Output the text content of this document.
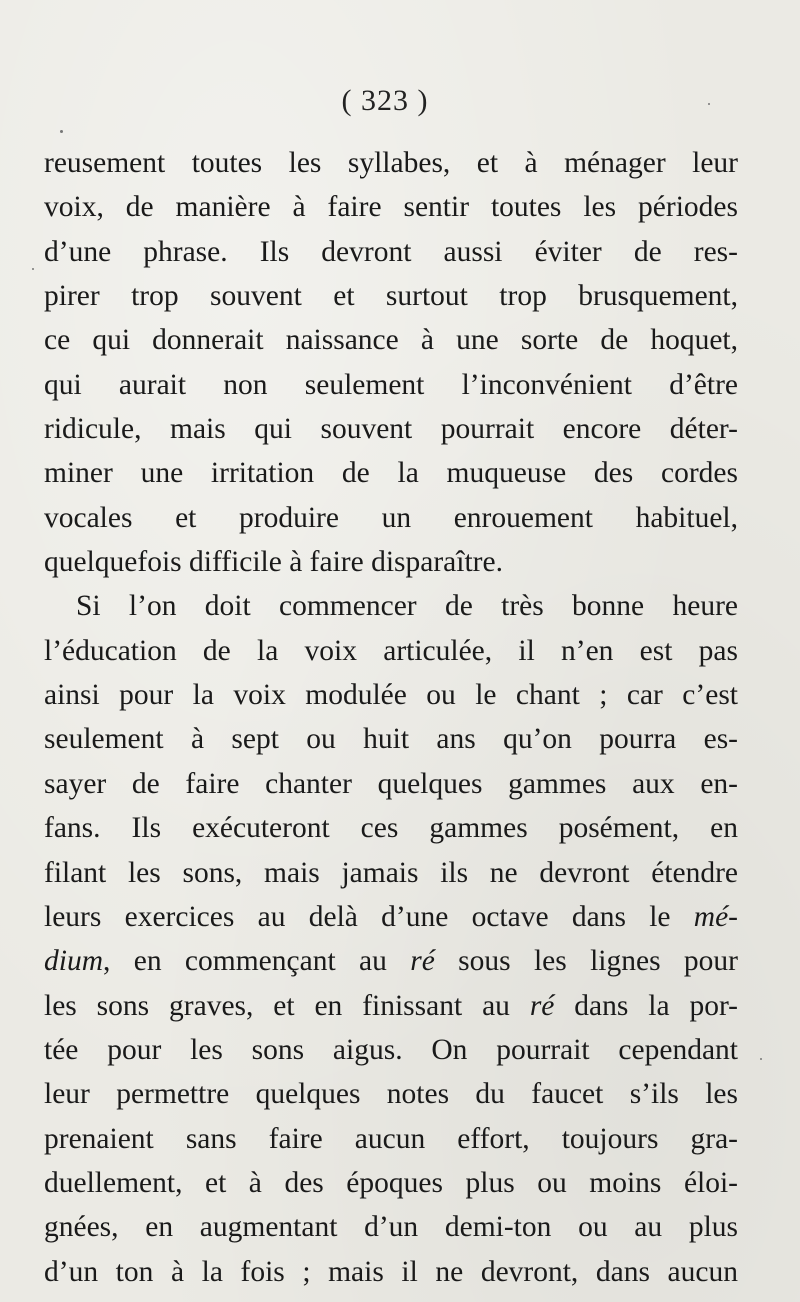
( 323 )
reusement toutes les syllabes, et à ménager leur
voix, de manière à faire sentir toutes les périodes
d’une phrase. Ils devront aussi éviter de res-
pirer trop souvent et surtout trop brusquement,
ce qui donnerait naissance à une sorte de hoquet,
qui aurait non seulement l’inconvénient d’être
ridicule, mais qui souvent pourrait encore déter-
miner une irritation de la muqueuse des cordes
vocales et produire un enrouement habituel,
quelquefois difficile à faire disparaître.
Si l’on doit commencer de très bonne heure
l’éducation de la voix articulée, il n’en est pas
ainsi pour la voix modulée ou le chant ; car c’est
seulement à sept ou huit ans qu’on pourra es-
sayer de faire chanter quelques gammes aux en-
fans. Ils exécuteront ces gammes posément, en
filant les sons, mais jamais ils ne devront étendre
leurs exercices au delà d’une octave dans le mé-
dium, en commençant au ré sous les lignes pour
les sons graves, et en finissant au ré dans la por-
tée pour les sons aigus. On pourrait cependant
leur permettre quelques notes du faucet s’ils les
prenaient sans faire aucun effort, toujours gra-
duellement, et à des époques plus ou moins éloi-
gnées, en augmentant d’un demi-ton ou au plus
d’un ton à la fois ; mais il ne devront, dans aucun
